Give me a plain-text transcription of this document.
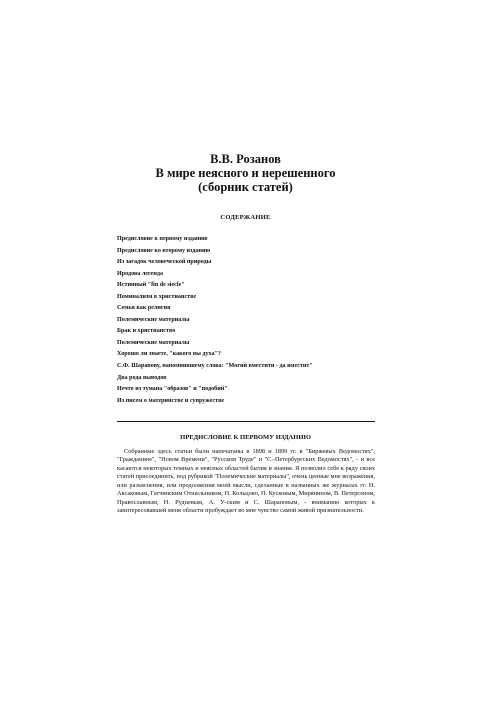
В.В. Розанов
В мире неясного и нерешенного
(сборник статей)
СОДЕРЖАНИЕ
Предисловие к первому изданию
Предисловие ко второму изданию
Из загадок человеческой природы
Иродова легенда
Истинный "fin de siecle"
Номинализм в христианстве
Семья как религия
Полемические материалы
Брак и христианство
Полемические материалы
Хорошо ли знаете, "какого вы духа"?
С.Ф. Шарапову, напомнившему слова: "Могий вместити - да вместит"
Два рода выводов
Нечто из тумана "образов" и "подобий"
Из писем о материнстве и супружестве
ПРЕДИСЛОВИЕ К ПЕРВОМУ ИЗДАНИЮ

Собранные здесь статьи были напечатаны в 1898 и 1899 гг. в "Биржевых Ведомостях", "Гражданине", "Новом Времени", "Русском Труде" и "С.-Петербургских Ведомостях", - и все касаются некоторых темных и неясных областей бытия и знания. Я позволил себе к ряду своих статей присоединить, под рубрикой "Полемические материалы", очень ценные мне возражения, или разъяснения, или продолжения моей мысли, сделанные в названных же журналах гг. Н. Аксаковым, Гатчинским Отшельником, Н. Кольцово, П. Кусковым, Мирянином, В. Петерсеном, Православным, Н. Рудневым, А. У-ским и С. Шараповым, - вниманию которых к заинтересовавшей меня области пробуждает во мне чувство самой живой признательности.
